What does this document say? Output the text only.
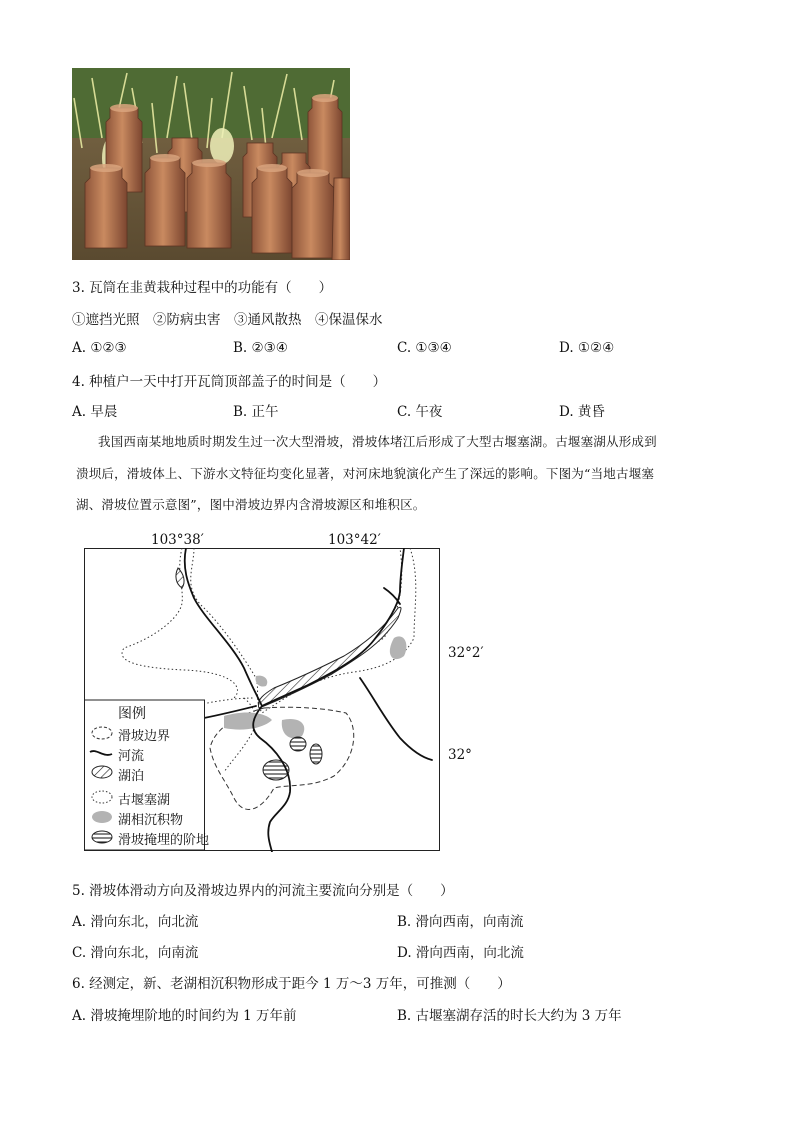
3. 瓦筒在韭黄栽种过程中的功能有（　　）
①遮挡光照　②防病虫害　③通风散热　④保温保水
A. ①②③	B. ②③④	C. ①③④	D. ①②④
4. 种植户一天中打开瓦筒顶部盖子的时间是（　　）
A. 早晨	B. 正午	C. 午夜	D. 黄昏
我国西南某地地质时期发生过一次大型滑坡，滑坡体堵江后形成了大型古堰塞湖。古堰塞湖从形成到
溃坝后，滑坡体上、下游水文特征均变化显著，对河床地貌演化产生了深远的影响。下图为“当地古堰塞
湖、滑坡位置示意图”，图中滑坡边界内含滑坡源区和堆积区。
103°38′	103°42′
图例
滑坡边界
河流
湖泊
古堰塞湖
湖相沉积物
滑坡掩埋的阶地
32°2′
32°
5. 滑坡体滑动方向及滑坡边界内的河流主要流向分别是（　　）
A. 滑向东北，向北流	B. 滑向西南，向南流
C. 滑向东北，向南流	D. 滑向西南，向北流
6. 经测定，新、老湖相沉积物形成于距今 1 万～3 万年，可推测（　　）
A. 滑坡掩埋阶地的时间约为 1 万年前	B. 古堰塞湖存活的时长大约为 3 万年
